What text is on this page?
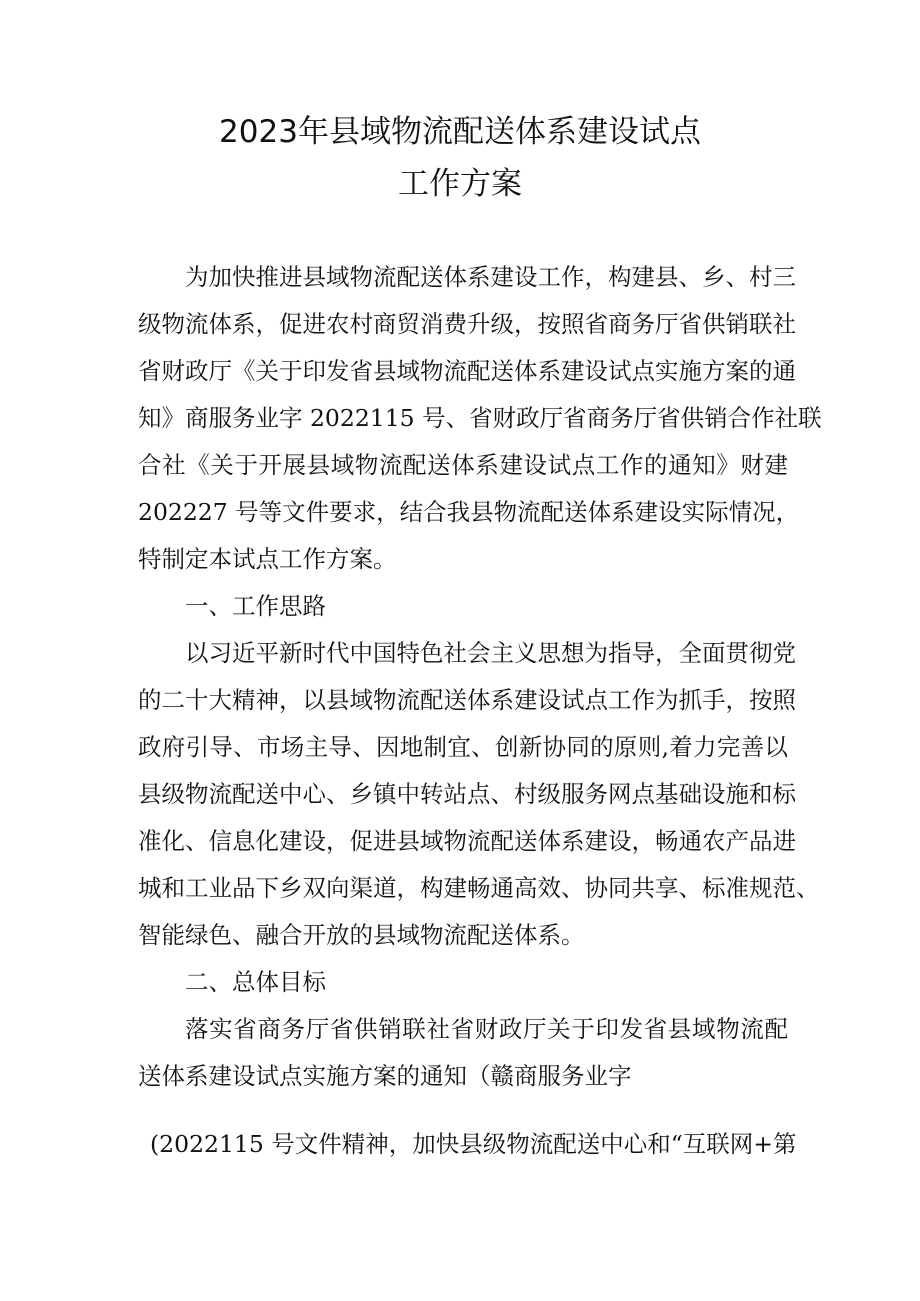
2023年县域物流配送体系建设试点
工作方案
为加快推进县域物流配送体系建设工作，构建县、乡、村三
级物流体系，促进农村商贸消费升级，按照省商务厅省供销联社
省财政厅《关于印发省县域物流配送体系建设试点实施方案的通
知》商服务业字 2022115 号、省财政厅省商务厅省供销合作社联
合社《关于开展县域物流配送体系建设试点工作的通知》财建
202227 号等文件要求，结合我县物流配送体系建设实际情况，
特制定本试点工作方案。
一、工作思路
以习近平新时代中国特色社会主义思想为指导，全面贯彻党
的二十大精神，以县域物流配送体系建设试点工作为抓手，按照
政府引导、市场主导、因地制宜、创新协同的原则,着力完善以
县级物流配送中心、乡镇中转站点、村级服务网点基础设施和标
准化、信息化建设，促进县域物流配送体系建设，畅通农产品进
城和工业品下乡双向渠道，构建畅通高效、协同共享、标准规范、
智能绿色、融合开放的县域物流配送体系。
二、总体目标
落实省商务厅省供销联社省财政厅关于印发省县域物流配
送体系建设试点实施方案的通知（赣商服务业字
(2022115 号文件精神，加快县级物流配送中心和“互联网+第
